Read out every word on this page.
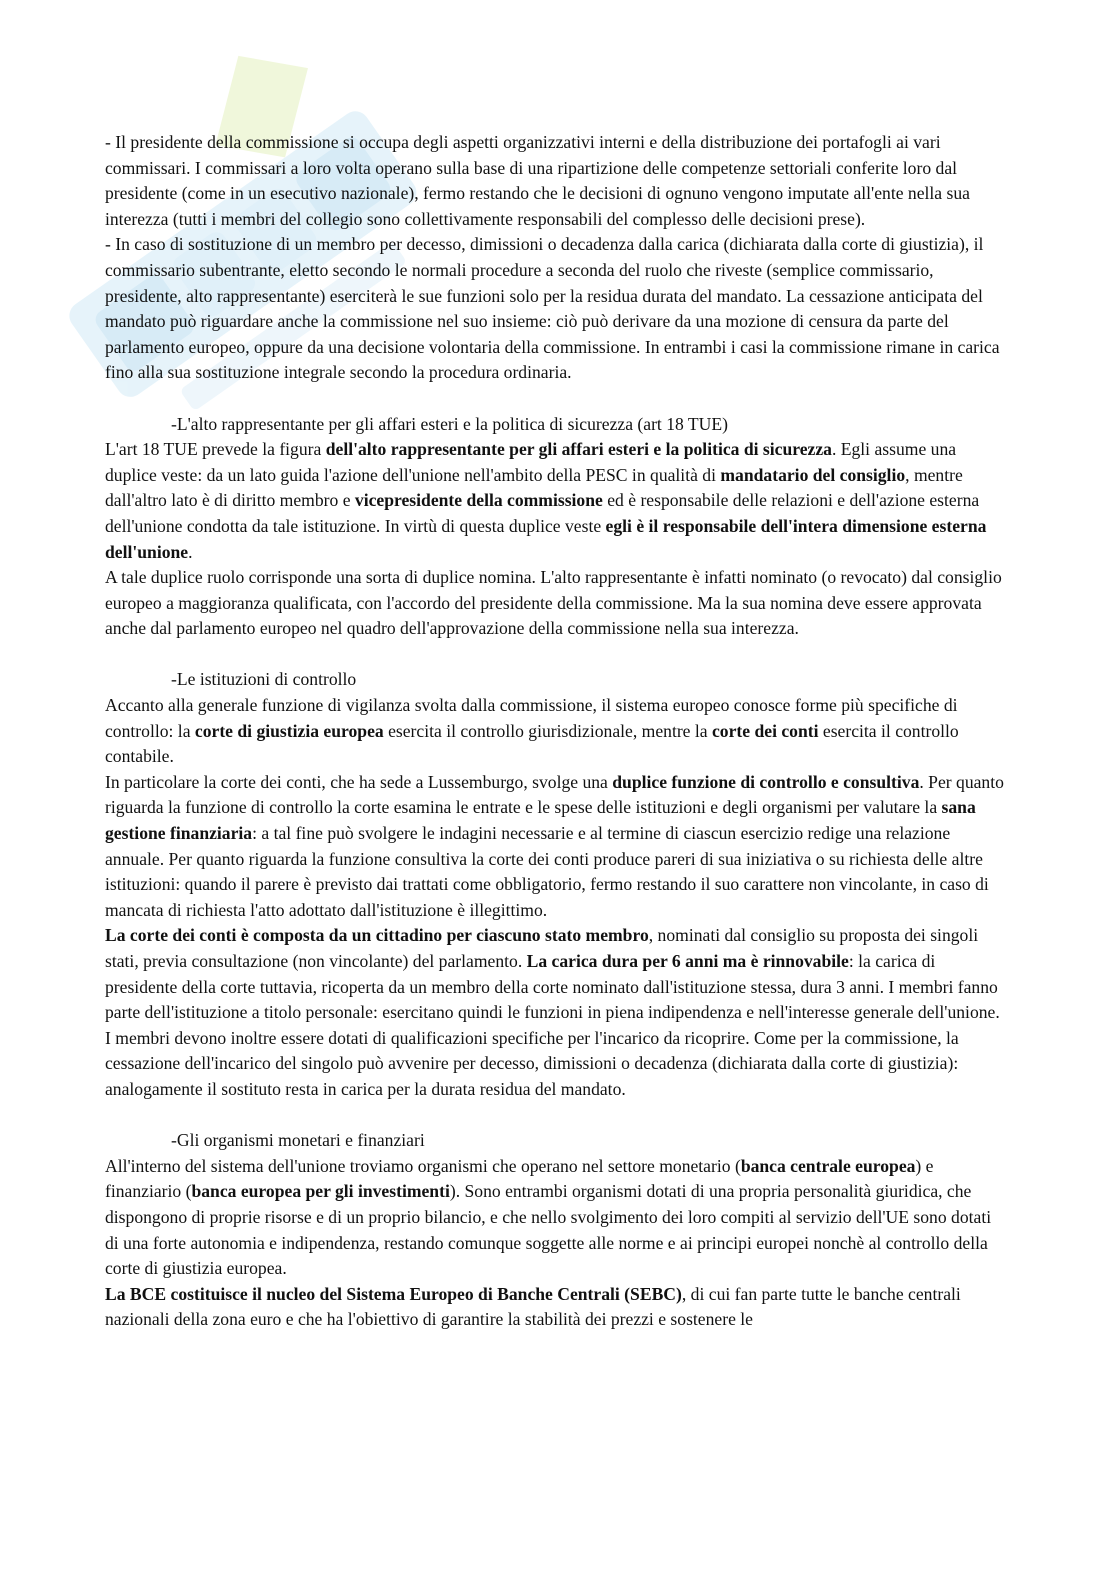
- Il presidente della commissione si occupa degli aspetti organizzativi interni e della distribuzione dei portafogli ai vari commissari. I commissari a loro volta operano sulla base di una ripartizione delle competenze settoriali conferite loro dal presidente (come in un esecutivo nazionale), fermo restando che le decisioni di ognuno vengono imputate all'ente nella sua interezza (tutti i membri del collegio sono collettivamente responsabili del complesso delle decisioni prese).

- In caso di sostituzione di un membro per decesso, dimissioni o decadenza dalla carica (dichiarata dalla corte di giustizia), il commissario subentrante, eletto secondo le normali procedure a seconda del ruolo che riveste (semplice commissario, presidente, alto rappresentante) eserciterà le sue funzioni solo per la residua durata del mandato. La cessazione anticipata del mandato può riguardare anche la commissione nel suo insieme: ciò può derivare da una mozione di censura da parte del parlamento europeo, oppure da una decisione volontaria della commissione. In entrambi i casi la commissione rimane in carica fino alla sua sostituzione integrale secondo la procedura ordinaria.

-L'alto rappresentante per gli affari esteri e la politica di sicurezza (art 18 TUE)

L'art 18 TUE prevede la figura dell'alto rappresentante per gli affari esteri e la politica di sicurezza. Egli assume una duplice veste: da un lato guida l'azione dell'unione nell'ambito della PESC in qualità di mandatario del consiglio, mentre dall'altro lato è di diritto membro e vicepresidente della commissione ed è responsabile delle relazioni e dell'azione esterna dell'unione condotta da tale istituzione. In virtù di questa duplice veste egli è il responsabile dell'intera dimensione esterna dell'unione.

A tale duplice ruolo corrisponde una sorta di duplice nomina. L'alto rappresentante è infatti nominato (o revocato) dal consiglio europeo a maggioranza qualificata, con l'accordo del presidente della commissione. Ma la sua nomina deve essere approvata anche dal parlamento europeo nel quadro dell'approvazione della commissione nella sua interezza.

-Le istituzioni di controllo

Accanto alla generale funzione di vigilanza svolta dalla commissione, il sistema europeo conosce forme più specifiche di controllo: la corte di giustizia europea esercita il controllo giurisdizionale, mentre la corte dei conti esercita il controllo contabile.

In particolare la corte dei conti, che ha sede a Lussemburgo, svolge una duplice funzione di controllo e consultiva. Per quanto riguarda la funzione di controllo la corte esamina le entrate e le spese delle istituzioni e degli organismi per valutare la sana gestione finanziaria: a tal fine può svolgere le indagini necessarie e al termine di ciascun esercizio redige una relazione annuale. Per quanto riguarda la funzione consultiva la corte dei conti produce pareri di sua iniziativa o su richiesta delle altre istituzioni: quando il parere è previsto dai trattati come obbligatorio, fermo restando il suo carattere non vincolante, in caso di mancata di richiesta l'atto adottato dall'istituzione è illegittimo.

La corte dei conti è composta da un cittadino per ciascuno stato membro, nominati dal consiglio su proposta dei singoli stati, previa consultazione (non vincolante) del parlamento. La carica dura per 6 anni ma è rinnovabile: la carica di presidente della corte tuttavia, ricoperta da un membro della corte nominato dall'istituzione stessa, dura 3 anni. I membri fanno parte dell'istituzione a titolo personale: esercitano quindi le funzioni in piena indipendenza e nell'interesse generale dell'unione. I membri devono inoltre essere dotati di qualificazioni specifiche per l'incarico da ricoprire. Come per la commissione, la cessazione dell'incarico del singolo può avvenire per decesso, dimissioni o decadenza (dichiarata dalla corte di giustizia): analogamente il sostituto resta in carica per la durata residua del mandato.

-Gli organismi monetari e finanziari

All'interno del sistema dell'unione troviamo organismi che operano nel settore monetario (banca centrale europea) e finanziario (banca europea per gli investimenti). Sono entrambi organismi dotati di una propria personalità giuridica, che dispongono di proprie risorse e di un proprio bilancio, e che nello svolgimento dei loro compiti al servizio dell'UE sono dotati di una forte autonomia e indipendenza, restando comunque soggette alle norme e ai principi europei nonchè al controllo della corte di giustizia europea.

La BCE costituisce il nucleo del Sistema Europeo di Banche Centrali (SEBC), di cui fan parte tutte le banche centrali nazionali della zona euro e che ha l'obiettivo di garantire la stabilità dei prezzi e sostenere le
